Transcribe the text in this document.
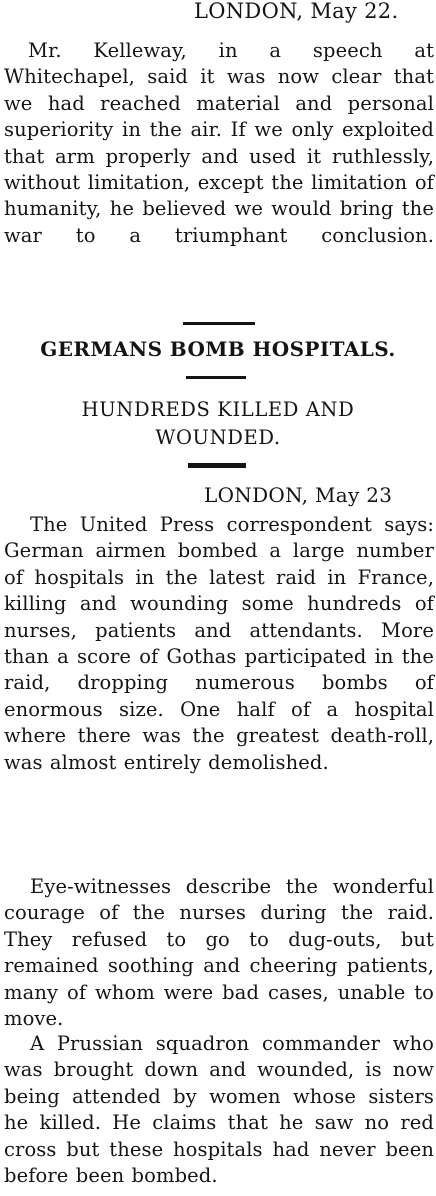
LONDON, May 22.

Mr. Kelleway, in a speech at Whitechapel, said it was now clear that we had reached material and personal superiority in the air. If we only exploited that arm properly and used it ruthlessly, without limitation, except the limitation of humanity, he believed we would bring the war to a triumphant conclusion.

GERMANS BOMB HOSPITALS.
HUNDREDS KILLED AND
WOUNDED.
LONDON, May 23

The United Press correspondent says: German airmen bombed a large number of hospitals in the latest raid in France, killing and wounding some hundreds of nurses, patients and attendants. More than a score of Gothas participated in the raid, dropping numerous bombs of enormous size. One half of a hospital where there was the greatest death-roll, was almost entirely demolished.

Eye-witnesses describe the wonderful courage of the nurses during the raid. They refused to go to dug-outs, but remained soothing and cheering patients, many of whom were bad cases, unable to move.

A Prussian squadron commander who was brought down and wounded, is now being attended by women whose sisters he killed. He claims that he saw no red cross but these hospitals had never been before been bombed.
